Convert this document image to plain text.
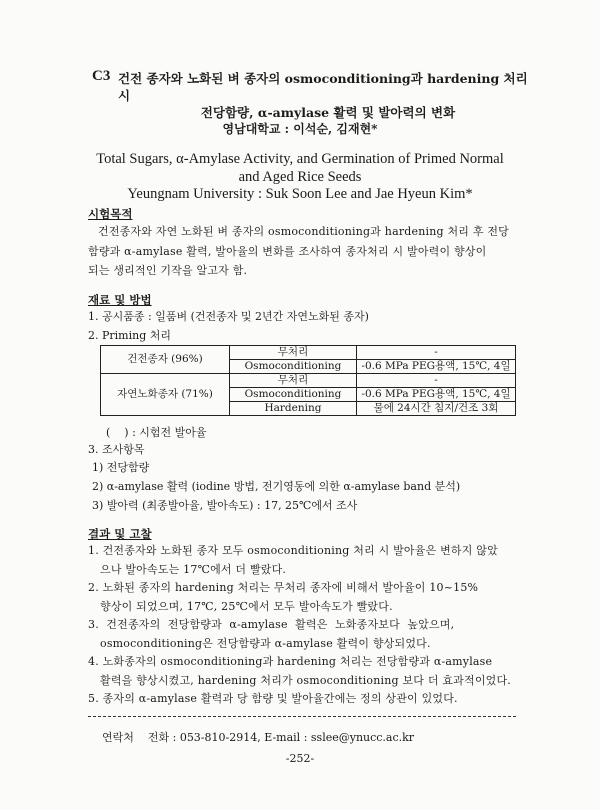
C3 건전 종자와 노화된 벼 종자의 osmoconditioning과 hardening 처리 시
전당함량, α-amylase 활력 및 발아력의 변화
영남대학교 : 이석순, 김재현*
Total Sugars, α-Amylase Activity, and Germination of Primed Normal
and Aged Rice Seeds
Yeungnam University : Suk Soon Lee and Jae Hyeun Kim*
시험목적
건전종자와 자연 노화된 벼 종자의 osmoconditioning과 hardening 처리 후 전당
함량과 α-amylase 활력, 발아율의 변화를 조사하여 종자처리 시 발아력이 향상이
되는 생리적인 기작을 알고자 함.
재료 및 방법
1. 공시품종 : 일품벼 (건전종자 및 2년간 자연노화된 종자)
2. Priming 처리
건전종자 (96%)	무처리	-
	Osmoconditioning	-0.6 MPa PEG용액, 15℃, 4일
자연노화종자 (71%)	무처리	-
	Osmoconditioning	-0.6 MPa PEG용액, 15℃, 4일
	Hardening	물에 24시간 침지/건조 3회
(    ) : 시험전 발아율
3. 조사항목
1) 전당함량
2) α-amylase 활력 (iodine 방법, 전기영동에 의한 α-amylase band 분석)
3) 발아력 (최종발아율, 발아속도) : 17, 25℃에서 조사
결과 및 고찰
1. 건전종자와 노화된 종자 모두 osmoconditioning 처리 시 발아율은 변하지 않았
으나 발아속도는 17℃에서 더 빨랐다.
2. 노화된 종자의 hardening 처리는 무처리 종자에 비해서 발아율이 10~15%
향상이 되었으며, 17℃, 25℃에서 모두 발아속도가 빨랐다.
3.  건전종자의  전당함량과  α-amylase  활력은  노화종자보다  높았으며,
osmoconditioning은 전당함량과 α-amylase 활력이 향상되었다.
4. 노화종자의 osmoconditioning과 hardening 처리는 전당함량과 α-amylase
활력을 향상시켰고, hardening 처리가 osmoconditioning 보다 더 효과적이었다.
5. 종자의 α-amylase 활력과 당 함량 및 발아율간에는 정의 상관이 있었다.
연락처    전화 : 053-810-2914, E-mail : sslee@ynucc.ac.kr
-252-
